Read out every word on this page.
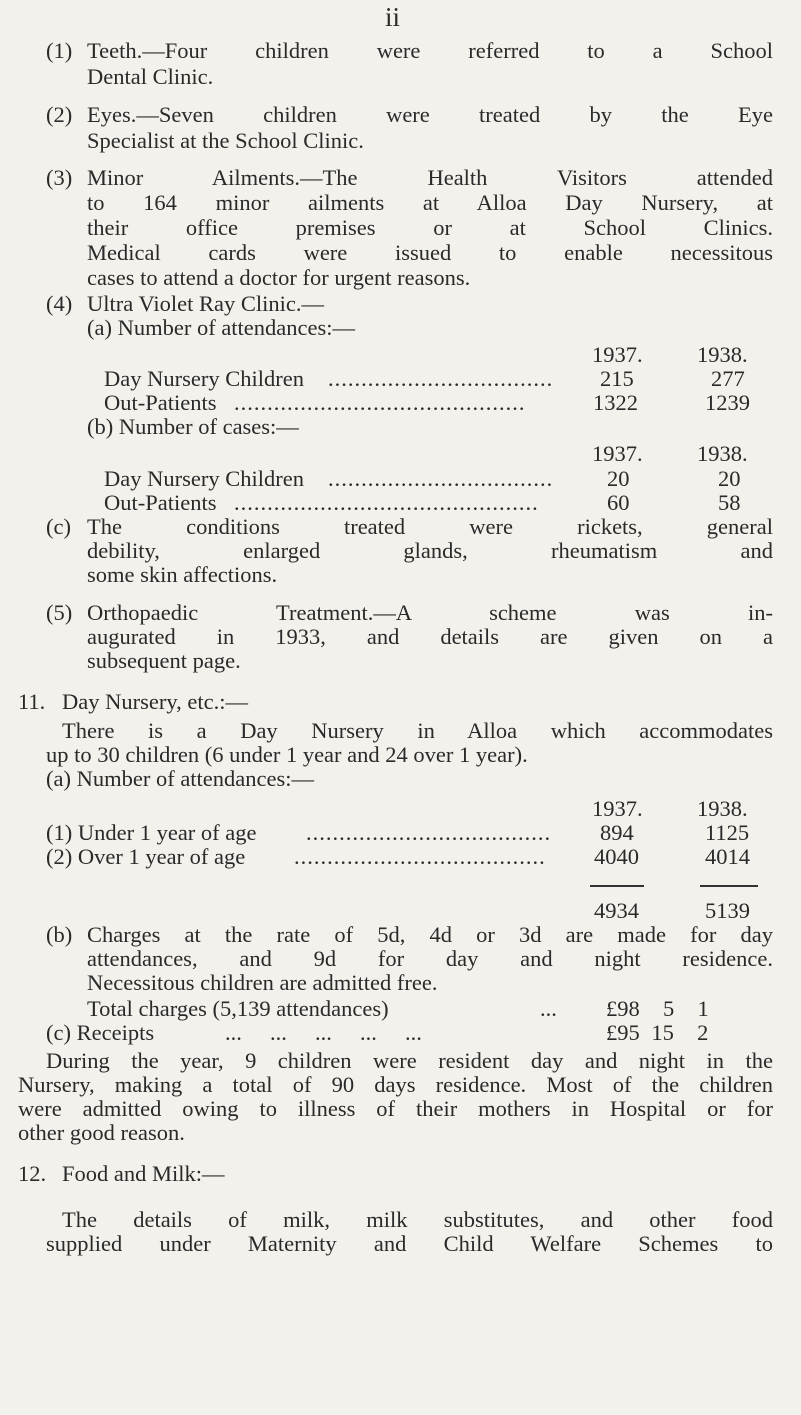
ii
(1) Teeth.—Four children were referred to a School
Dental Clinic.
(2) Eyes.—Seven children were treated by the Eye
Specialist at the School Clinic.
(3) Minor Ailments.—The Health Visitors attended
to 164 minor ailments at Alloa Day Nursery, at
their office premises or at School Clinics.
Medical cards were issued to enable necessitous
cases to attend a doctor for urgent reasons.
(4) Ultra Violet Ray Clinic.—
(a) Number of attendances:—
1937. 1938.
Day Nursery Children ..................................	215	277
Out-Patients ............................................	1322	1239
(b) Number of cases:—
1937. 1938.
Day Nursery Children ..................................	20	20
Out-Patients ..............................................	60	58
(c) The conditions treated were rickets, general
debility, enlarged glands, rheumatism and
some skin affections.
(5) Orthopaedic Treatment.—A scheme was in-
augurated in 1933, and details are given on a
subsequent page.
11. Day Nursery, etc.:—
There is a Day Nursery in Alloa which accommodates
up to 30 children (6 under 1 year and 24 over 1 year).
(a) Number of attendances:—
1937. 1938.
(1) Under 1 year of age .....................................	894	1125
(2) Over 1 year of age ......................................	4040	4014
4934	5139
(b) Charges at the rate of 5d, 4d or 3d are made for day
attendances, and 9d for day and night residence.
Necessitous children are admitted free.
Total charges (5,139 attendances)	... £98  5  1
(c) Receipts	...     ...     ...     ...     ...	£95 15  2
During the year, 9 children were resident day and night in the
Nursery, making a total of 90 days residence. Most of the children
were admitted owing to illness of their mothers in Hospital or for
other good reason.
12. Food and Milk:—
The details of milk, milk substitutes, and other food
supplied under Maternity and Child Welfare Schemes to
